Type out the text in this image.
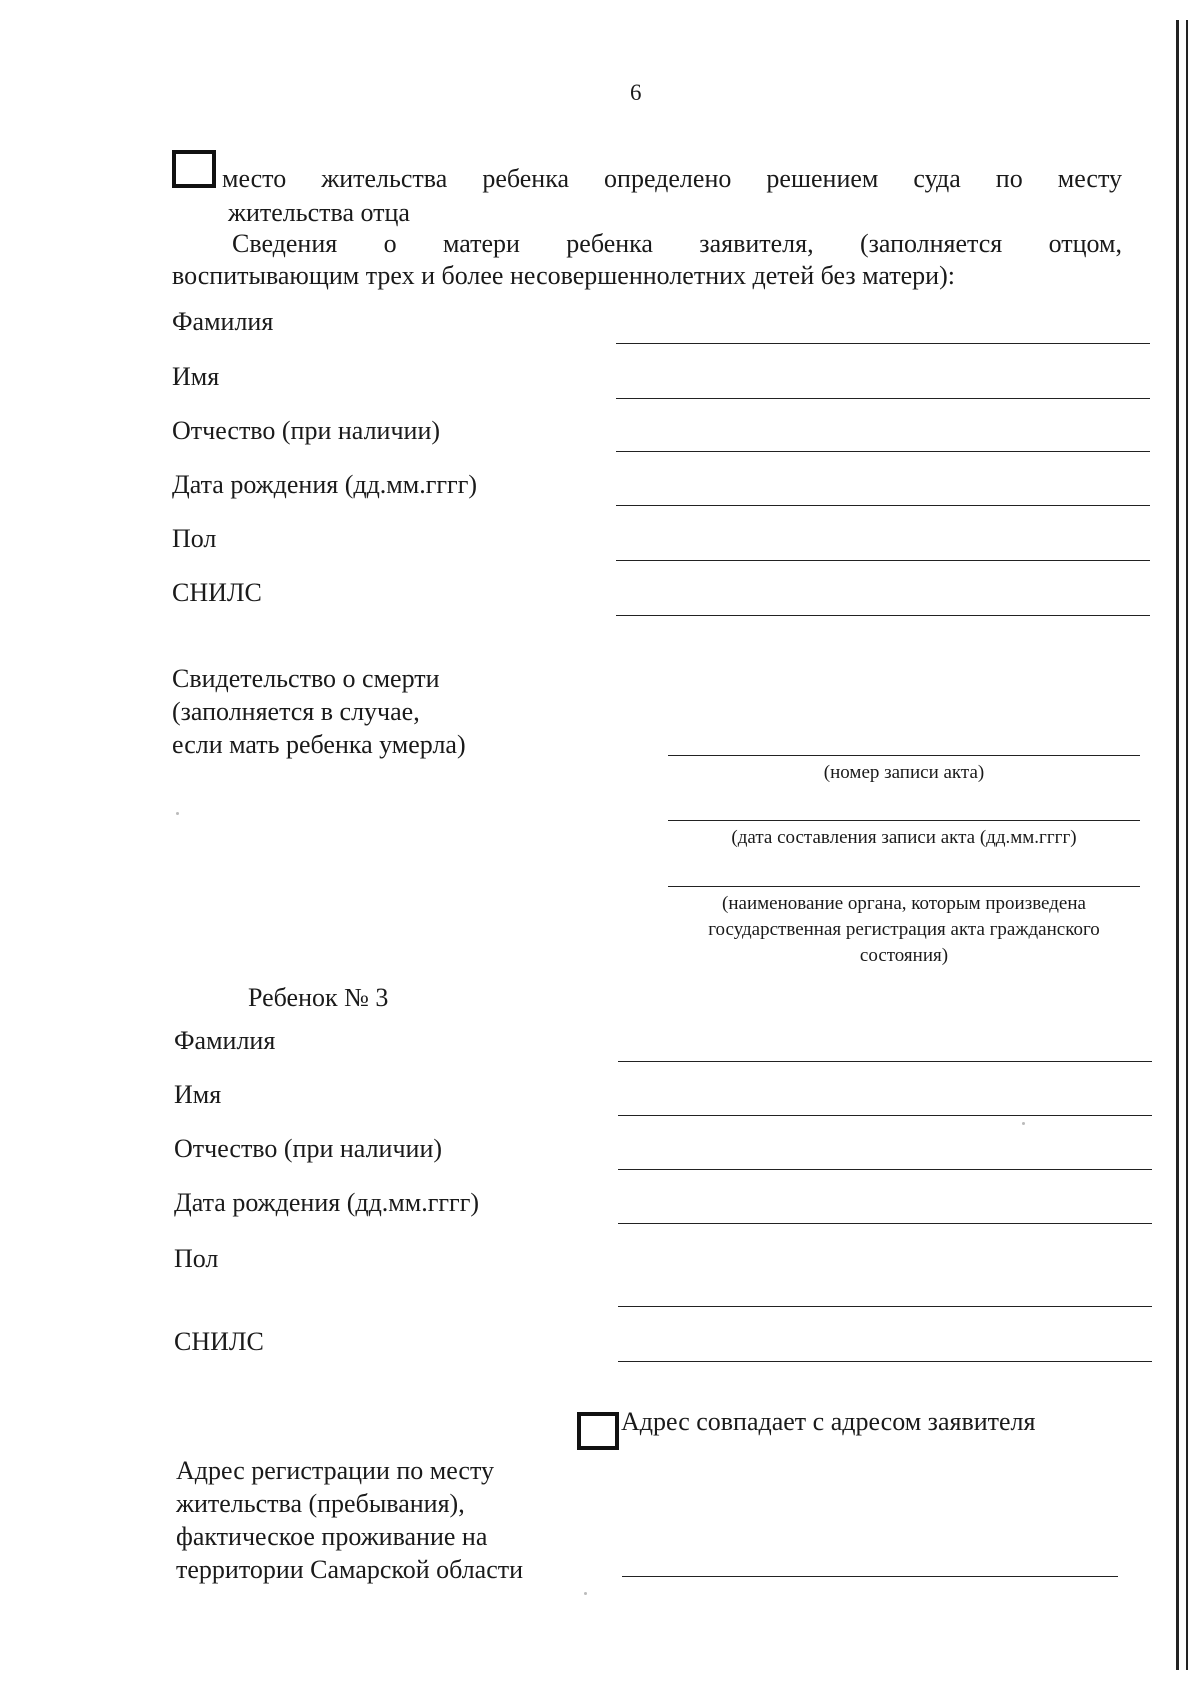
6
место жительства ребенка определено решением суда по месту
жительства отца
Сведения о матери ребенка заявителя, (заполняется отцом,
воспитывающим трех и более несовершеннолетних детей без матери):
Фамилия
Имя
Отчество (при наличии)
Дата рождения (дд.мм.гггг)
Пол
СНИЛС
Свидетельство о смерти
(заполняется в случае,
если мать ребенка умерла)
(номер записи акта)
(дата составления записи акта (дд.мм.гггг)
(наименование органа, которым произведена
государственная регистрация акта гражданского
состояния)
Ребенок № 3
Фамилия
Имя
Отчество (при наличии)
Дата рождения (дд.мм.гггг)
Пол
СНИЛС
Адрес совпадает с адресом заявителя
Адрес регистрации по месту
жительства (пребывания),
фактическое проживание на
территории Самарской области
